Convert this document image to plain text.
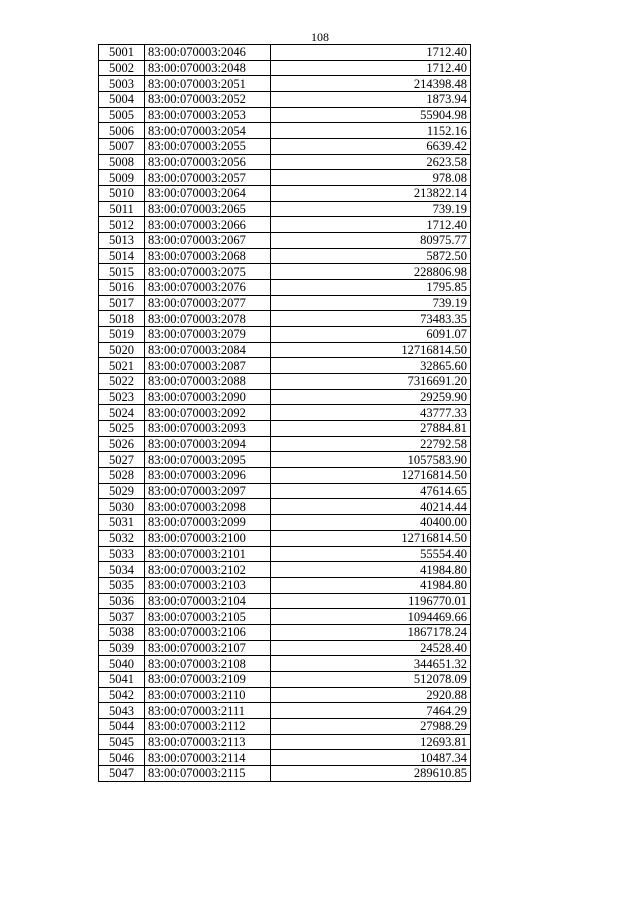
108
5001	83:00:070003:2046	1712.40
5002	83:00:070003:2048	1712.40
5003	83:00:070003:2051	214398.48
5004	83:00:070003:2052	1873.94
5005	83:00:070003:2053	55904.98
5006	83:00:070003:2054	1152.16
5007	83:00:070003:2055	6639.42
5008	83:00:070003:2056	2623.58
5009	83:00:070003:2057	978.08
5010	83:00:070003:2064	213822.14
5011	83:00:070003:2065	739.19
5012	83:00:070003:2066	1712.40
5013	83:00:070003:2067	80975.77
5014	83:00:070003:2068	5872.50
5015	83:00:070003:2075	228806.98
5016	83:00:070003:2076	1795.85
5017	83:00:070003:2077	739.19
5018	83:00:070003:2078	73483.35
5019	83:00:070003:2079	6091.07
5020	83:00:070003:2084	12716814.50
5021	83:00:070003:2087	32865.60
5022	83:00:070003:2088	7316691.20
5023	83:00:070003:2090	29259.90
5024	83:00:070003:2092	43777.33
5025	83:00:070003:2093	27884.81
5026	83:00:070003:2094	22792.58
5027	83:00:070003:2095	1057583.90
5028	83:00:070003:2096	12716814.50
5029	83:00:070003:2097	47614.65
5030	83:00:070003:2098	40214.44
5031	83:00:070003:2099	40400.00
5032	83:00:070003:2100	12716814.50
5033	83:00:070003:2101	55554.40
5034	83:00:070003:2102	41984.80
5035	83:00:070003:2103	41984.80
5036	83:00:070003:2104	1196770.01
5037	83:00:070003:2105	1094469.66
5038	83:00:070003:2106	1867178.24
5039	83:00:070003:2107	24528.40
5040	83:00:070003:2108	344651.32
5041	83:00:070003:2109	512078.09
5042	83:00:070003:2110	2920.88
5043	83:00:070003:2111	7464.29
5044	83:00:070003:2112	27988.29
5045	83:00:070003:2113	12693.81
5046	83:00:070003:2114	10487.34
5047	83:00:070003:2115	289610.85
